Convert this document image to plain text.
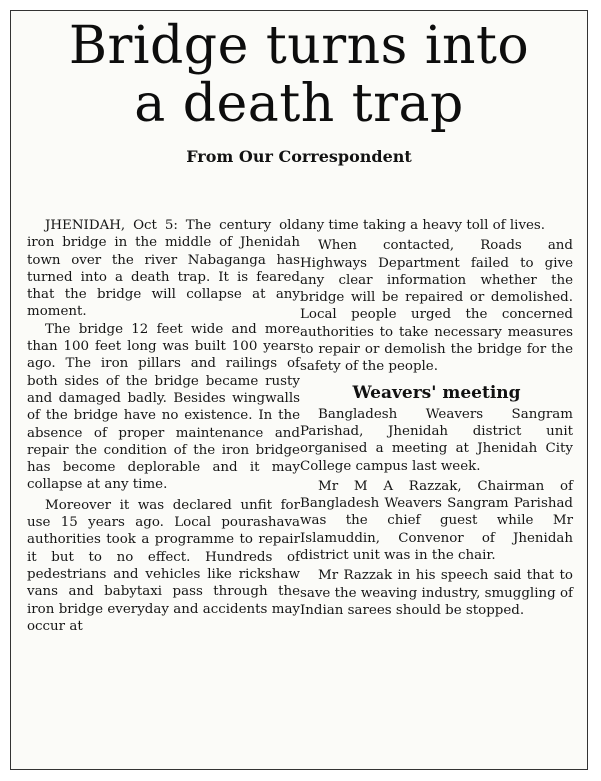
Bridge turns into
a death trap
From Our Correspondent

JHENIDAH, Oct 5: The century old iron bridge in the middle of Jhenidah town over the river Nabaganga has turned into a death trap. It is feared that the bridge will collapse at any moment.

The bridge 12 feet wide and more than 100 feet long was built 100 years ago. The iron pillars and railings of both sides of the bridge became rusty and damaged badly. Besides wingwalls of the bridge have no existence. In the absence of proper maintenance and repair the condition of the iron bridge has become deplorable and it may collapse at any time.

Moreover it was declared unfit for use 15 years ago. Local pourashava authorities took a programme to repair it but to no effect. Hundreds of pedestrians and vehicles like rickshaw vans and babytaxi pass through the iron bridge everyday and accidents may occur at

any time taking a heavy toll of lives.

When contacted, Roads and Highways Department failed to give any clear information whether the bridge will be repaired or demolished. Local people urged the concerned authorities to take necessary measures to repair or demolish the bridge for the safety of the people.

Weavers' meeting

Bangladesh Weavers Sangram Parishad, Jhenidah district unit organised a meeting at Jhenidah City College campus last week.

Mr M A Razzak, Chairman of Bangladesh Weavers Sangram Parishad was the chief guest while Mr Islamuddin, Convenor of Jhenidah district unit was in the chair.

Mr Razzak in his speech said that to save the weaving industry, smuggling of Indian sarees should be stopped.
